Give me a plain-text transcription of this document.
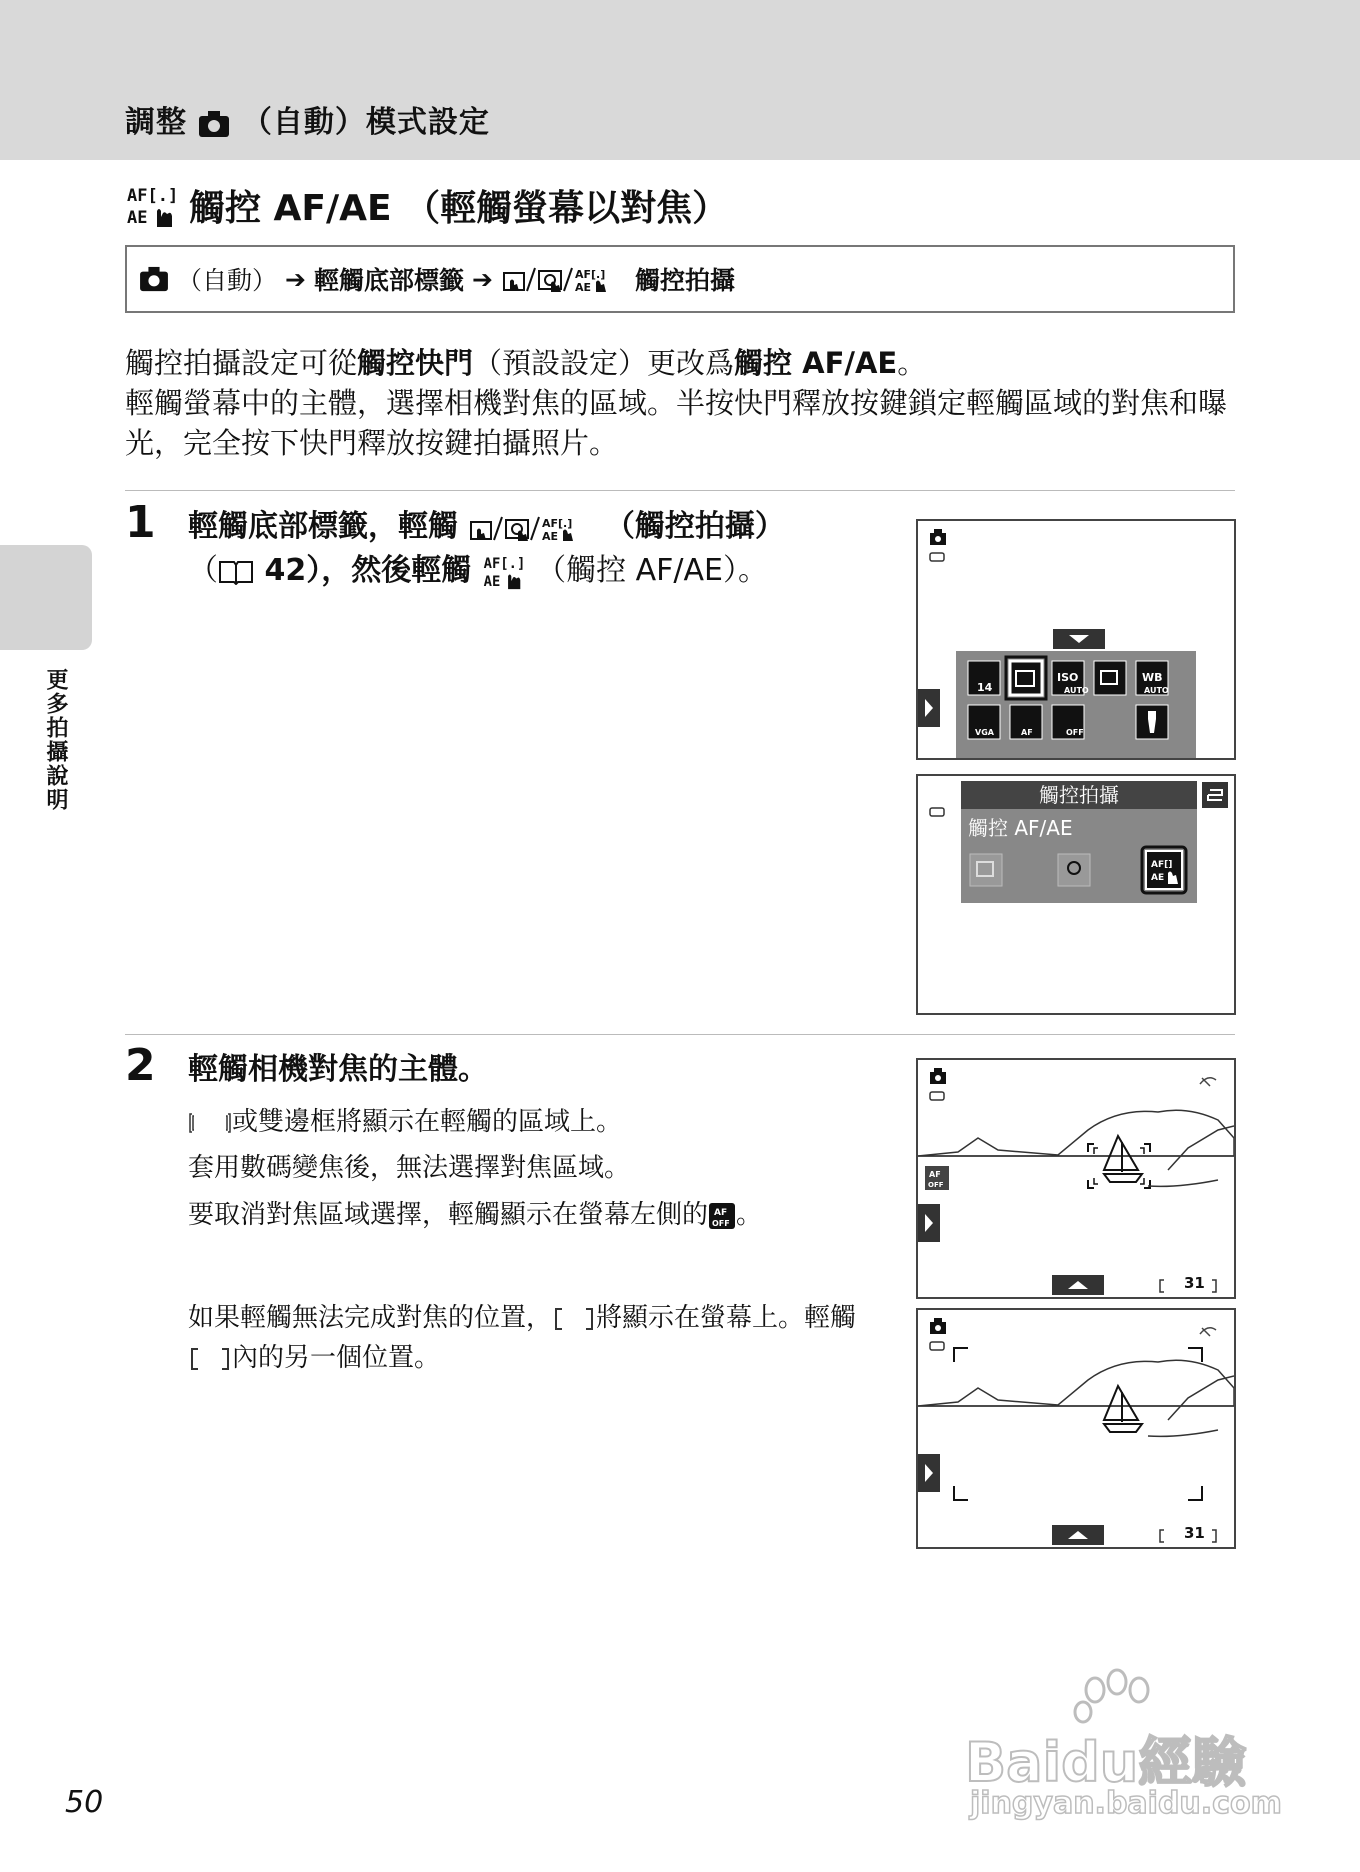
調整 （自動）模式設定
更多拍攝說明
AF[.]
AE 觸控 AF/AE （輕觸螢幕以對焦）
（自動） ➔ 輕觸底部標籤 ➔	AF[.]
AE 觸控拍攝

觸控拍攝設定可從觸控快門（預設設定）更改爲觸控 AF/AE。

輕觸螢幕中的主體，選擇相機對焦的區域。半按快門釋放按鍵鎖定輕觸區域的對焦和曝光，完全按下快門釋放按鍵拍攝照片。

1 輕觸底部標籤，輕觸	AF[.]
AE （觸控拍攝）
（ 42），然後輕觸 AF[.]
AE （觸控 AF/AE）。
14
ISO
AUTO
WB
AUTO
VGA	AF	OFF
觸控拍攝
觸控 AF/AE
AF[]
AE
2 輕觸相機對焦的主體。
或雙邊框將顯示在輕觸的區域上。
套用數碼變焦後，無法選擇對焦區域。
要取消對焦區域選擇，輕觸顯示在螢幕左側的 AF
OFF 。
如果輕觸無法完成對焦的位置， 將顯示在螢幕上。輕觸內的另一個位置。
AF
OFF
31
31
Baidu經驗
jingyan.baidu.com
50
